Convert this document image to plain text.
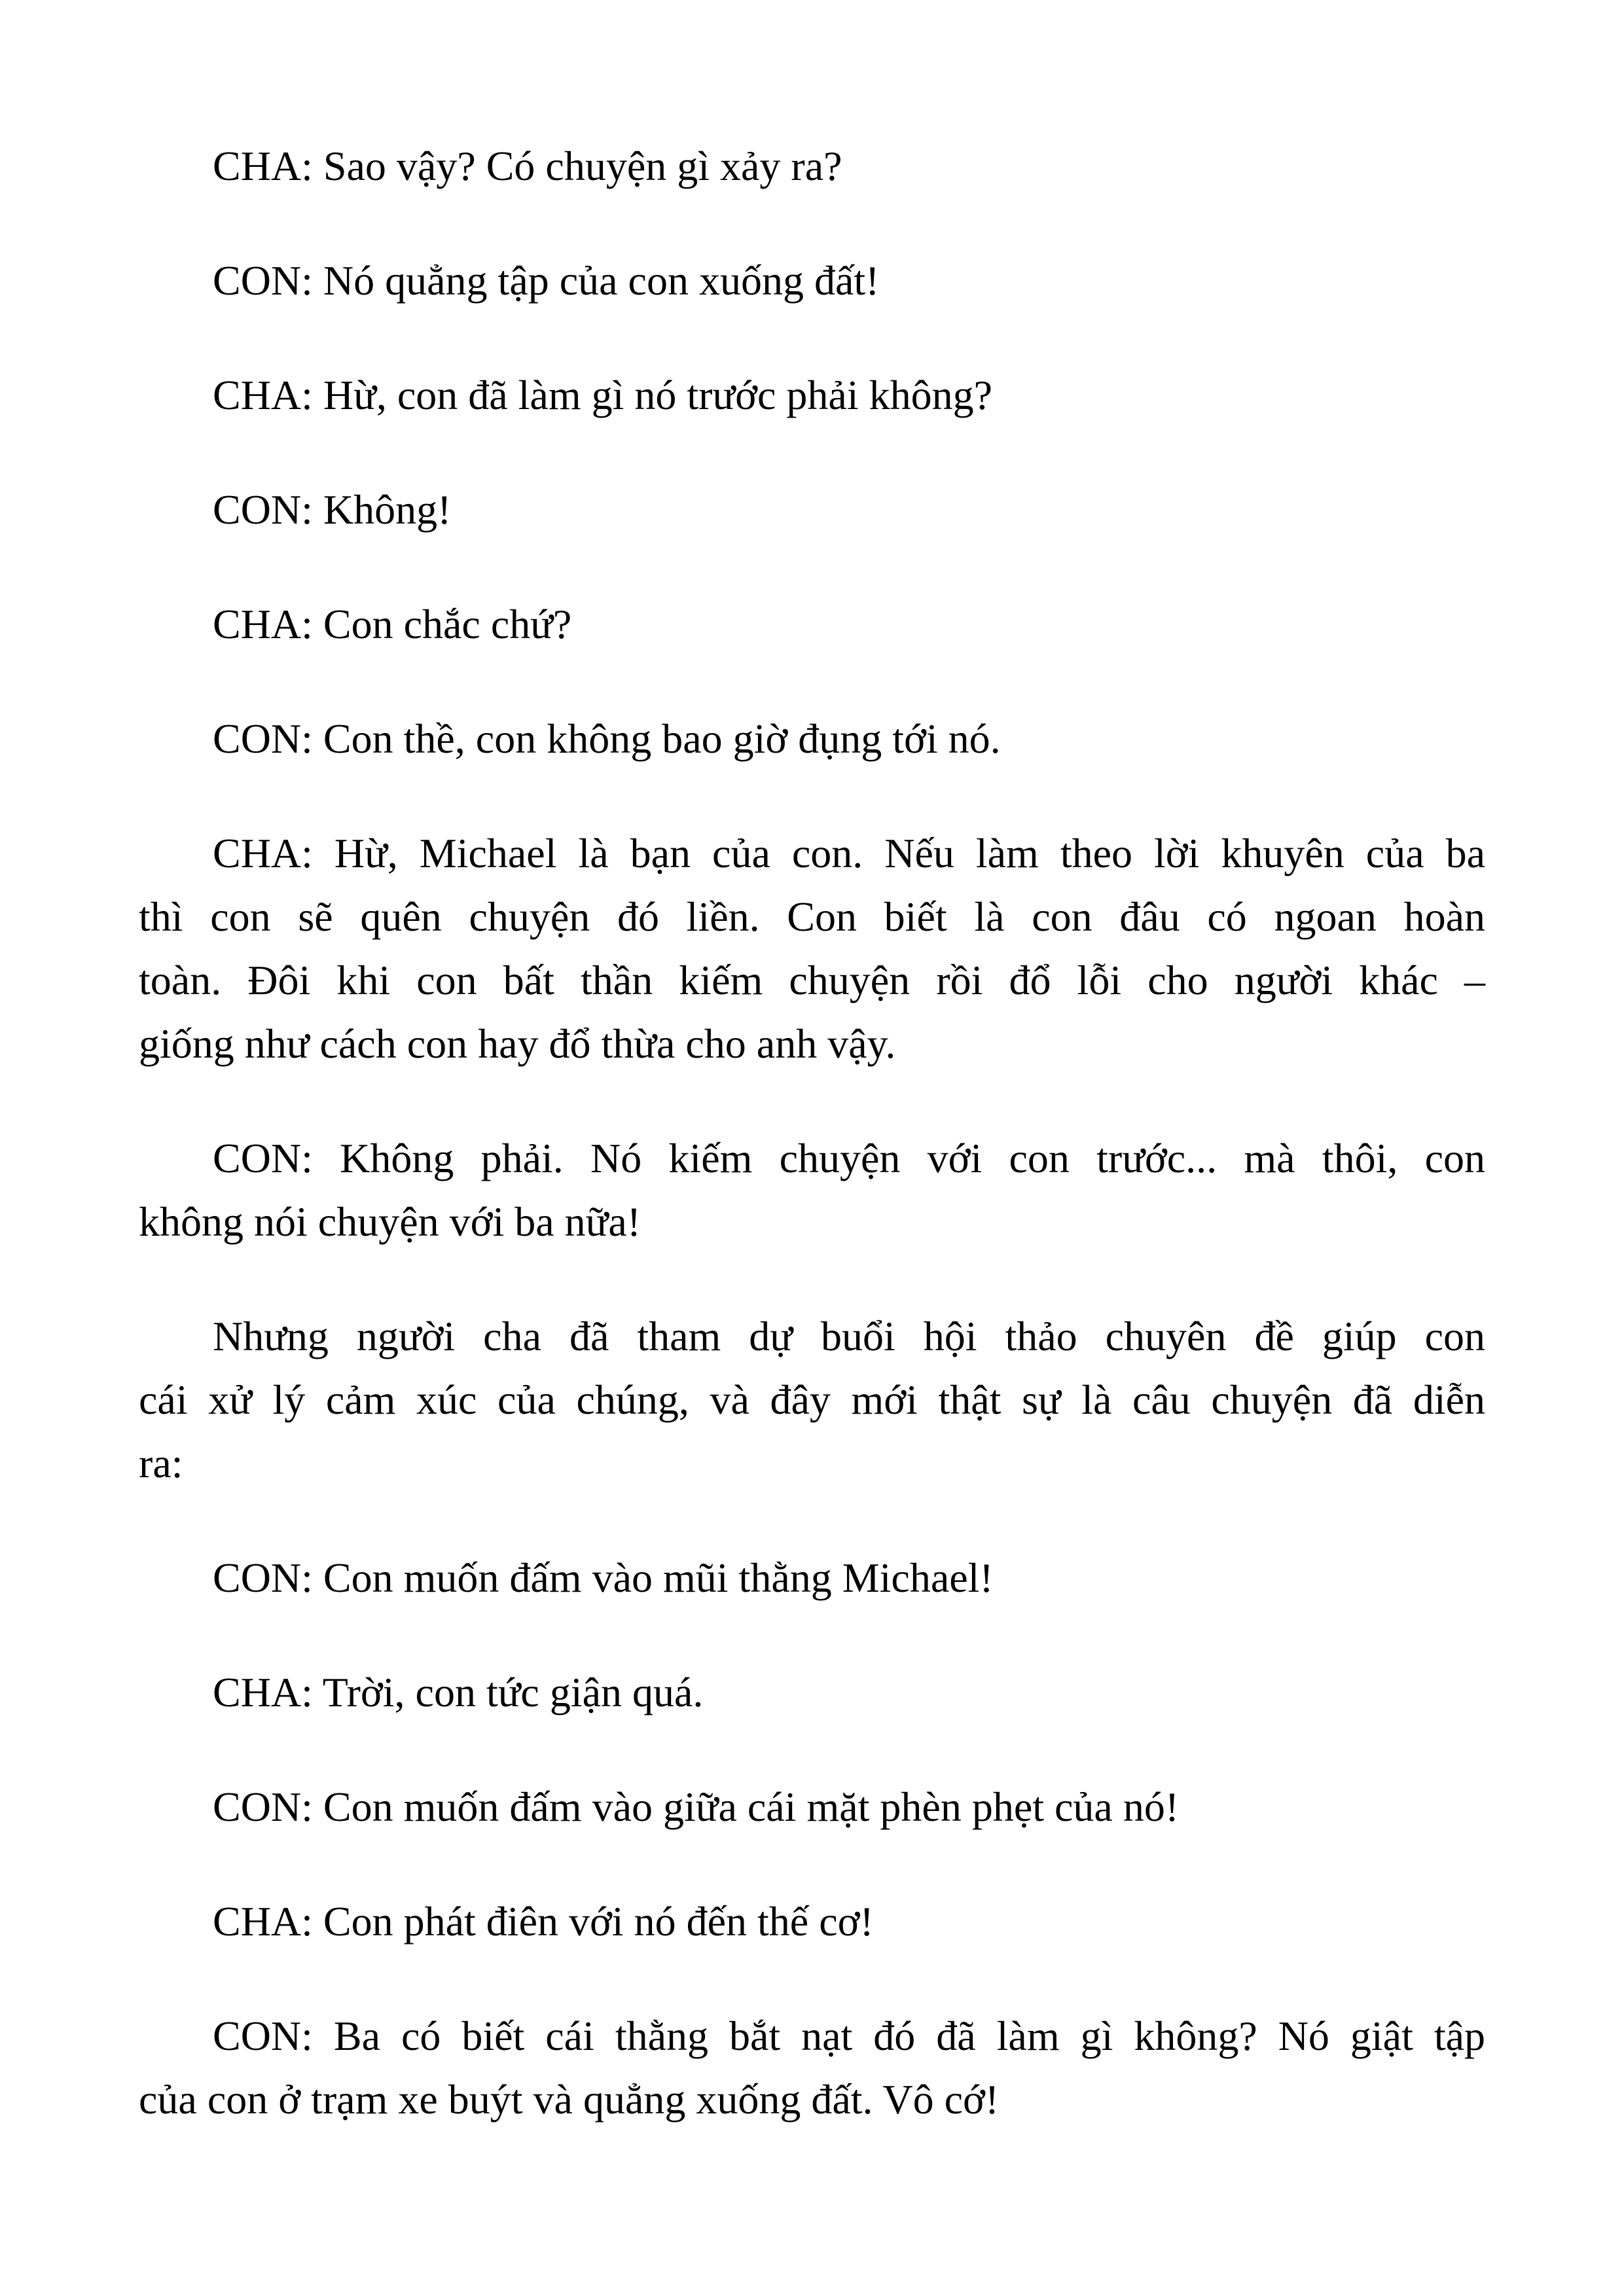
CHA: Sao vậy? Có chuyện gì xảy ra?
CON: Nó quẳng tập của con xuống đất!
CHA: Hừ, con đã làm gì nó trước phải không?
CON: Không!
CHA: Con chắc chứ?
CON: Con thề, con không bao giờ đụng tới nó.
CHA: Hừ, Michael là bạn của con. Nếu làm theo lời khuyên của ba
thì con sẽ quên chuyện đó liền. Con biết là con đâu có ngoan hoàn
toàn. Đôi khi con bất thần kiếm chuyện rồi đổ lỗi cho người khác –
giống như cách con hay đổ thừa cho anh vậy.
CON: Không phải. Nó kiếm chuyện với con trước... mà thôi, con
không nói chuyện với ba nữa!
Nhưng người cha đã tham dự buổi hội thảo chuyên đề giúp con
cái xử lý cảm xúc của chúng, và đây mới thật sự là câu chuyện đã diễn
ra:
CON: Con muốn đấm vào mũi thằng Michael!
CHA: Trời, con tức giận quá.
CON: Con muốn đấm vào giữa cái mặt phèn phẹt của nó!
CHA: Con phát điên với nó đến thế cơ!
CON: Ba có biết cái thằng bắt nạt đó đã làm gì không? Nó giật tập
của con ở trạm xe buýt và quẳng xuống đất. Vô cớ!
